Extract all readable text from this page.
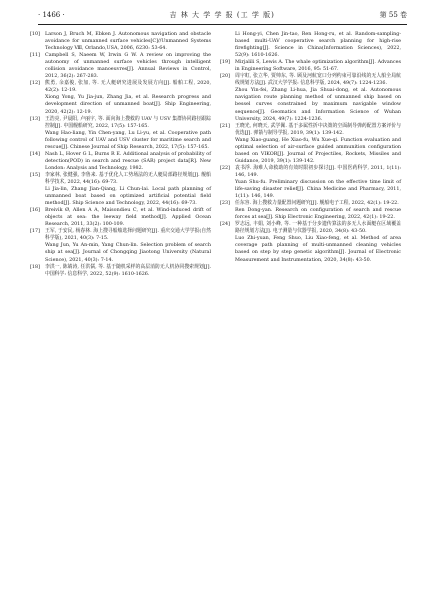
· 1466 ·	吉 林 大 学 学 报 (工 学 版)	第 55 卷
[10] Larson J, Bruch M, Ebken J. Autonomous navigation and obstacle avoidance for unmanned surface vehicles[C]//Unmanned Systems Technology Ⅷ, Orlando,USA, 2006, 6230: 53-64.
[11] Campbell S, Naeem W, Irwin G W. A review on improving the autonomy of unmanned surface vehicles through intelligent collision avoidance manoeuvres[J]. Annual Reviews in Control, 2012, 36(2): 267-283.
[12] 熊勇, 余嘉俊, 张加, 等. 无人艇研究进展及发展方向[J]. 船舶工程, 2020, 42(2): 12-19.
Xiong Yong, Yu Jia-jun, Zhang Jia, et al. Research progress and development direction of unmanned boat[J]. Ship Engineering, 2020, 42(2): 12-19.
[13] 王浩亮, 尹晨阳, 卢丽宇, 等. 面向海上搜救的 UAV 与 USV 集群协同路径跟踪控制[J]. 中国舰船研究, 2022, 17(5): 157-165.
Wang Hao-liang, Yin Chen-yang, Lu Li-yu, et al. Cooperative path following control of UAV and USV cluster for maritime search and rescue[J]. Chinese Journal of Ship Research, 2022, 17(5): 157-165.
[14] Nash L, Hover G L, Burns R E. Additional analysis of probability of detection(POD) in search and rescue (SAR) project data[R]. New London: Analysis and Technology, 1982.
[15] 李家林, 张健强, 李鲁来. 基于优化人工势场法的无人艇局部路径规划[J]. 舰船科学技术, 2022, 44(16): 69-73.
Li Jia-lin, Zhang Jian-Qiang, Li Chun-lai. Local path planning of unmanned boat based on optimized artificial potential field method[J]. Ship Science and Technology, 2022, 44(16): 69-73.
[16] Breivik Ø, Allen A A, Maisondieu C, et al. Wind-induced drift of objects at sea: the leeway field method[J]. Applied Ocean Research, 2011, 33(2): 100-109.
[17] 王军, 于安民, 杨春林. 海上搜寻船舶选择问题研究[J]. 重庆交通大学学报(自然科学版), 2021, 40(3): 7-15.
Wang Jun, Yu An-min, Yang Chun-lin. Selection problem of search ship at sea[J]. Journal of Chongqing Jiaotong University (Natural Science), 2021, 40(3): 7-14.
[18] 李洪一, 陈婧涛, 任洪儒, 等. 基于随机采样的高层消防无人机协同搜索规划[J]. 中国科学: 信息科学, 2022, 52(9): 1610-1626.
Li Hong-yi, Chen Jin-tao, Ren Hong-ru, et al. Random-sampling-based multi-UAV cooperative search planning for high-rise firefighting[J]. Science in China(Information Sciences), 2022, 52(9): 1610-1626.
[19] Mirjalili S, Lewis A. The whale optimization algorithm[J]. Advances in Engineering Software, 2016, 95: 51-67.
[20] 周宇虹, 张立华, 贾帅东, 等. 顾及河航宽口分列约束可靠沿线的无人船全局航线规划方法[J]. 武汉大学学报: 信息科学版, 2024, 49(7): 1224-1236.
Zhou Yin-fei, Zhang Li-hua, Jia Shuai-dong, et al. Autonomous navigation route planning method of unmanned ship based on bessel curves constrained by maximum navigable window sequence[J]. Geomatics and Information Science of Wuhan University, 2024, 49(7): 1224-1236.
[21] 王晓光, 何晓天, 武学佩. 基于多属性折中决策的空面制导弹药配置方案评价与优选[J]. 弹箭与制导学报, 2019, 39(1): 139-142.
Wang Xiao-guang, He Xiao-fu, Wu Xue-qi. Function evaluation and optimal selection of air-surface guided ammunition configuration based on VIKOR[J]. Journal of Projectiles, Rockets, Missiles and Guidance, 2019, 39(1): 139-142.
[22] 袁书浮. 海难人命救助的有效时限初步探讨[J]. 中国医药科学, 2011, 1(11): 146, 149.
Yuan Shu-fu. Preliminary discussion on the effective time limit of life-saving disaster relief[J]. China Medicine and Pharmacy, 2011, 1(11): 146, 149.
[23] 任东容. 海上搜救力量配置问题研究[J]. 舰船电子工程, 2022, 42(1): 19-22.
Ren Dong-yan. Research on configuration of search and rescue forces at sea[J]. Ship Electronic Engineering, 2022, 42(1): 19-22.
[24] 罗志远, 丰娟, 刘小峰, 等. 一种基于分步遗传算法的多无人水面艇在区域覆盖路径规划方法[J]. 电子测量与仪器学报, 2020, 34(8): 43-50.
Luo Zhi-yuan, Feng Shuo, Liu Xiao-feng, et al. Method of area coverage path planning of multi-unmanned cleaning vehicles based on step by step genetic algorithm[J]. Journal of Electronic Measurement and Instrumentation, 2020, 34(8): 43-50.
